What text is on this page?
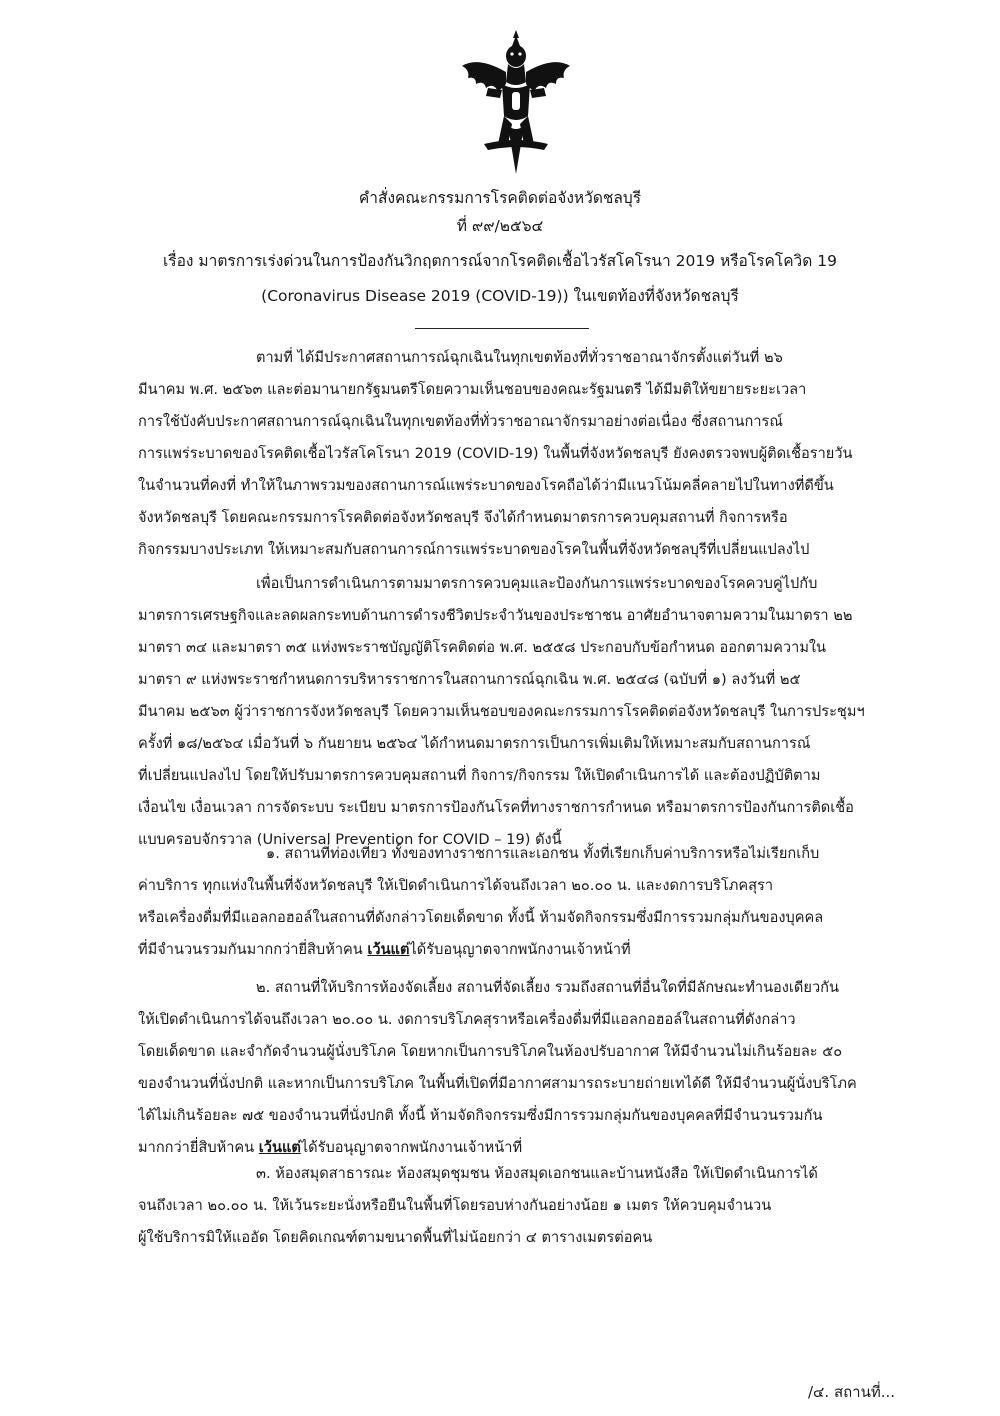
คำสั่งคณะกรรมการโรคติดต่อจังหวัดชลบุรี
ที่ ๙๙/๒๕๖๔
เรื่อง มาตรการเร่งด่วนในการป้องกันวิกฤตการณ์จากโรคติดเชื้อไวรัสโคโรนา 2019 หรือโรคโควิด 19
(Coronavirus Disease 2019 (COVID-19)) ในเขตท้องที่จังหวัดชลบุรี
ตามที่ ได้มีประกาศสถานการณ์ฉุกเฉินในทุกเขตท้องที่ทั่วราชอาณาจักรตั้งแต่วันที่ ๒๖
มีนาคม พ.ศ. ๒๕๖๓ และต่อมานายกรัฐมนตรีโดยความเห็นชอบของคณะรัฐมนตรี ได้มีมติให้ขยายระยะเวลา
การใช้บังคับประกาศสถานการณ์ฉุกเฉินในทุกเขตท้องที่ทั่วราชอาณาจักรมาอย่างต่อเนื่อง ซึ่งสถานการณ์
การแพร่ระบาดของโรคติดเชื้อไวรัสโคโรนา 2019 (COVID-19) ในพื้นที่จังหวัดชลบุรี ยังคงตรวจพบผู้ติดเชื้อรายวัน
ในจำนวนที่คงที่ ทำให้ในภาพรวมของสถานการณ์แพร่ระบาดของโรคถือได้ว่ามีแนวโน้มคลี่คลายไปในทางที่ดีขึ้น
จังหวัดชลบุรี โดยคณะกรรมการโรคติดต่อจังหวัดชลบุรี จึงได้กำหนดมาตรการควบคุมสถานที่ กิจการหรือ
กิจกรรมบางประเภท ให้เหมาะสมกับสถานการณ์การแพร่ระบาดของโรคในพื้นที่จังหวัดชลบุรีที่เปลี่ยนแปลงไป
เพื่อเป็นการดำเนินการตามมาตรการควบคุมและป้องกันการแพร่ระบาดของโรคควบคู่ไปกับ
มาตรการเศรษฐกิจและลดผลกระทบด้านการดำรงชีวิตประจำวันของประชาชน อาศัยอำนาจตามความในมาตรา ๒๒
มาตรา ๓๔ และมาตรา ๓๕ แห่งพระราชบัญญัติโรคติดต่อ พ.ศ. ๒๕๕๘ ประกอบกับข้อกำหนด ออกตามความใน
มาตรา ๙ แห่งพระราชกำหนดการบริหารราชการในสถานการณ์ฉุกเฉิน พ.ศ. ๒๕๔๘ (ฉบับที่ ๑) ลงวันที่ ๒๕
มีนาคม ๒๕๖๓ ผู้ว่าราชการจังหวัดชลบุรี โดยความเห็นชอบของคณะกรรมการโรคติดต่อจังหวัดชลบุรี ในการประชุมฯ
ครั้งที่ ๑๘/๒๕๖๔ เมื่อวันที่ ๖ กันยายน ๒๕๖๔ ได้กำหนดมาตรการเป็นการเพิ่มเติมให้เหมาะสมกับสถานการณ์
ที่เปลี่ยนแปลงไป โดยให้ปรับมาตรการควบคุมสถานที่ กิจการ/กิจกรรม ให้เปิดดำเนินการได้ และต้องปฏิบัติตาม
เงื่อนไข เงื่อนเวลา การจัดระบบ ระเบียบ มาตรการป้องกันโรคที่ทางราชการกำหนด หรือมาตรการป้องกันการติดเชื้อ
แบบครอบจักรวาล (Universal Prevention for COVID – 19) ดังนี้
๑. สถานที่ท่องเที่ยว ทั้งของทางราชการและเอกชน ทั้งที่เรียกเก็บค่าบริการหรือไม่เรียกเก็บ
ค่าบริการ ทุกแห่งในพื้นที่จังหวัดชลบุรี ให้เปิดดำเนินการได้จนถึงเวลา ๒๐.๐๐ น. และงดการบริโภคสุรา
หรือเครื่องดื่มที่มีแอลกอฮอล์ในสถานที่ดังกล่าวโดยเด็ดขาด ทั้งนี้ ห้ามจัดกิจกรรมซึ่งมีการรวมกลุ่มกันของบุคคล
ที่มีจำนวนรวมกันมากกว่ายี่สิบห้าคน เว้นแต่ได้รับอนุญาตจากพนักงานเจ้าหน้าที่
๒. สถานที่ให้บริการห้องจัดเลี้ยง สถานที่จัดเลี้ยง รวมถึงสถานที่อื่นใดที่มีลักษณะทำนองเดียวกัน
ให้เปิดดำเนินการได้จนถึงเวลา ๒๐.๐๐ น. งดการบริโภคสุราหรือเครื่องดื่มที่มีแอลกอฮอล์ในสถานที่ดังกล่าว
โดยเด็ดขาด และจำกัดจำนวนผู้นั่งบริโภค โดยหากเป็นการบริโภคในห้องปรับอากาศ ให้มีจำนวนไม่เกินร้อยละ ๕๐
ของจำนวนที่นั่งปกติ และหากเป็นการบริโภค ในพื้นที่เปิดที่มีอากาศสามารถระบายถ่ายเทได้ดี ให้มีจำนวนผู้นั่งบริโภค
ได้ไม่เกินร้อยละ ๗๕ ของจำนวนที่นั่งปกติ ทั้งนี้ ห้ามจัดกิจกรรมซึ่งมีการรวมกลุ่มกันของบุคคลที่มีจำนวนรวมกัน
มากกว่ายี่สิบห้าคน เว้นแต่ได้รับอนุญาตจากพนักงานเจ้าหน้าที่
๓. ห้องสมุดสาธารณะ ห้องสมุดชุมชน ห้องสมุดเอกชนและบ้านหนังสือ ให้เปิดดำเนินการได้
จนถึงเวลา ๒๐.๐๐ น. ให้เว้นระยะนั่งหรือยืนในพื้นที่โดยรอบห่างกันอย่างน้อย ๑ เมตร ให้ควบคุมจำนวน
ผู้ใช้บริการมิให้แออัด โดยคิดเกณฑ์ตามขนาดพื้นที่ไม่น้อยกว่า ๔ ตารางเมตรต่อคน
/๔. สถานที่...
